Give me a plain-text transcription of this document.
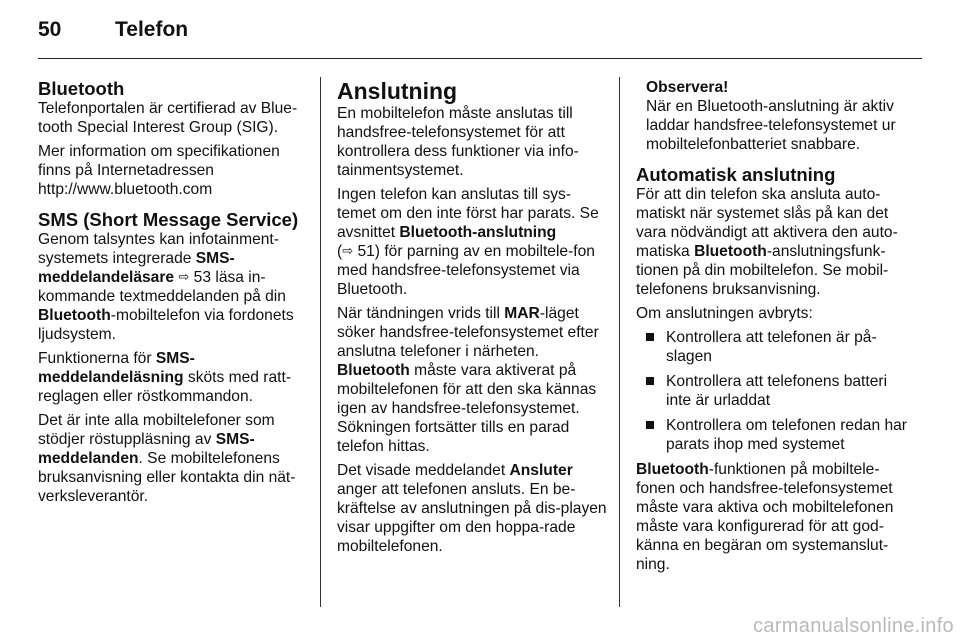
50	Telefon
Bluetooth

Telefonportalen är certifierad av Blue-tooth Special Interest Group (SIG).

Mer information om specifikationen finns på Internetadressen
http://www.bluetooth.com

SMS (Short Message Service)

Genom talsyntes kan infotainment-systemets integrerade SMS-meddelandeläsare ⇨ 53 läsa in-kommande textmeddelanden på din Bluetooth-mobiltelefon via fordonets ljudsystem.

Funktionerna för SMS-meddelandeläsning sköts med ratt-reglagen eller röstkommandon.

Det är inte alla mobiltelefoner som stödjer röstuppläsning av SMS-meddelanden. Se mobiltelefonens bruksanvisning eller kontakta din nät-verksleverantör.

Anslutning

En mobiltelefon måste anslutas till handsfree-telefonsystemet för att kontrollera dess funktioner via info-tainmentsystemet.

Ingen telefon kan anslutas till sys-temet om den inte först har parats. Se avsnittet Bluetooth-anslutning
(⇨ 51) för parning av en mobiltele-fon med handsfree-telefonsystemet via Bluetooth.

När tändningen vrids till MAR-läget söker handsfree-telefonsystemet efter anslutna telefoner i närheten. Bluetooth måste vara aktiverat på mobiltelefonen för att den ska kännas igen av handsfree-telefonsystemet. Sökningen fortsätter tills en parad telefon hittas.

Det visade meddelandet Ansluter anger att telefonen ansluts. En be-kräftelse av anslutningen på dis-playen visar uppgifter om den hoppa-rade mobiltelefonen.

Observera!

När en Bluetooth-anslutning är aktiv laddar handsfree-telefonsystemet ur mobiltelefonbatteriet snabbare.

Automatisk anslutning

För att din telefon ska ansluta auto-matiskt när systemet slås på kan det vara nödvändigt att aktivera den auto-matiska Bluetooth-anslutningsfunk-tionen på din mobiltelefon. Se mobil-telefonens bruksanvisning.

Om anslutningen avbryts:

Kontrollera att telefonen är på-slagen
Kontrollera att telefonens batteri inte är urladdat
Kontrollera om telefonen redan har parats ihop med systemet

Bluetooth-funktionen på mobiltele-fonen och handsfree-telefonsystemet måste vara aktiva och mobiltelefonen måste vara konfigurerad för att god-känna en begäran om systemanslut-ning.

carmanualsonline.info
